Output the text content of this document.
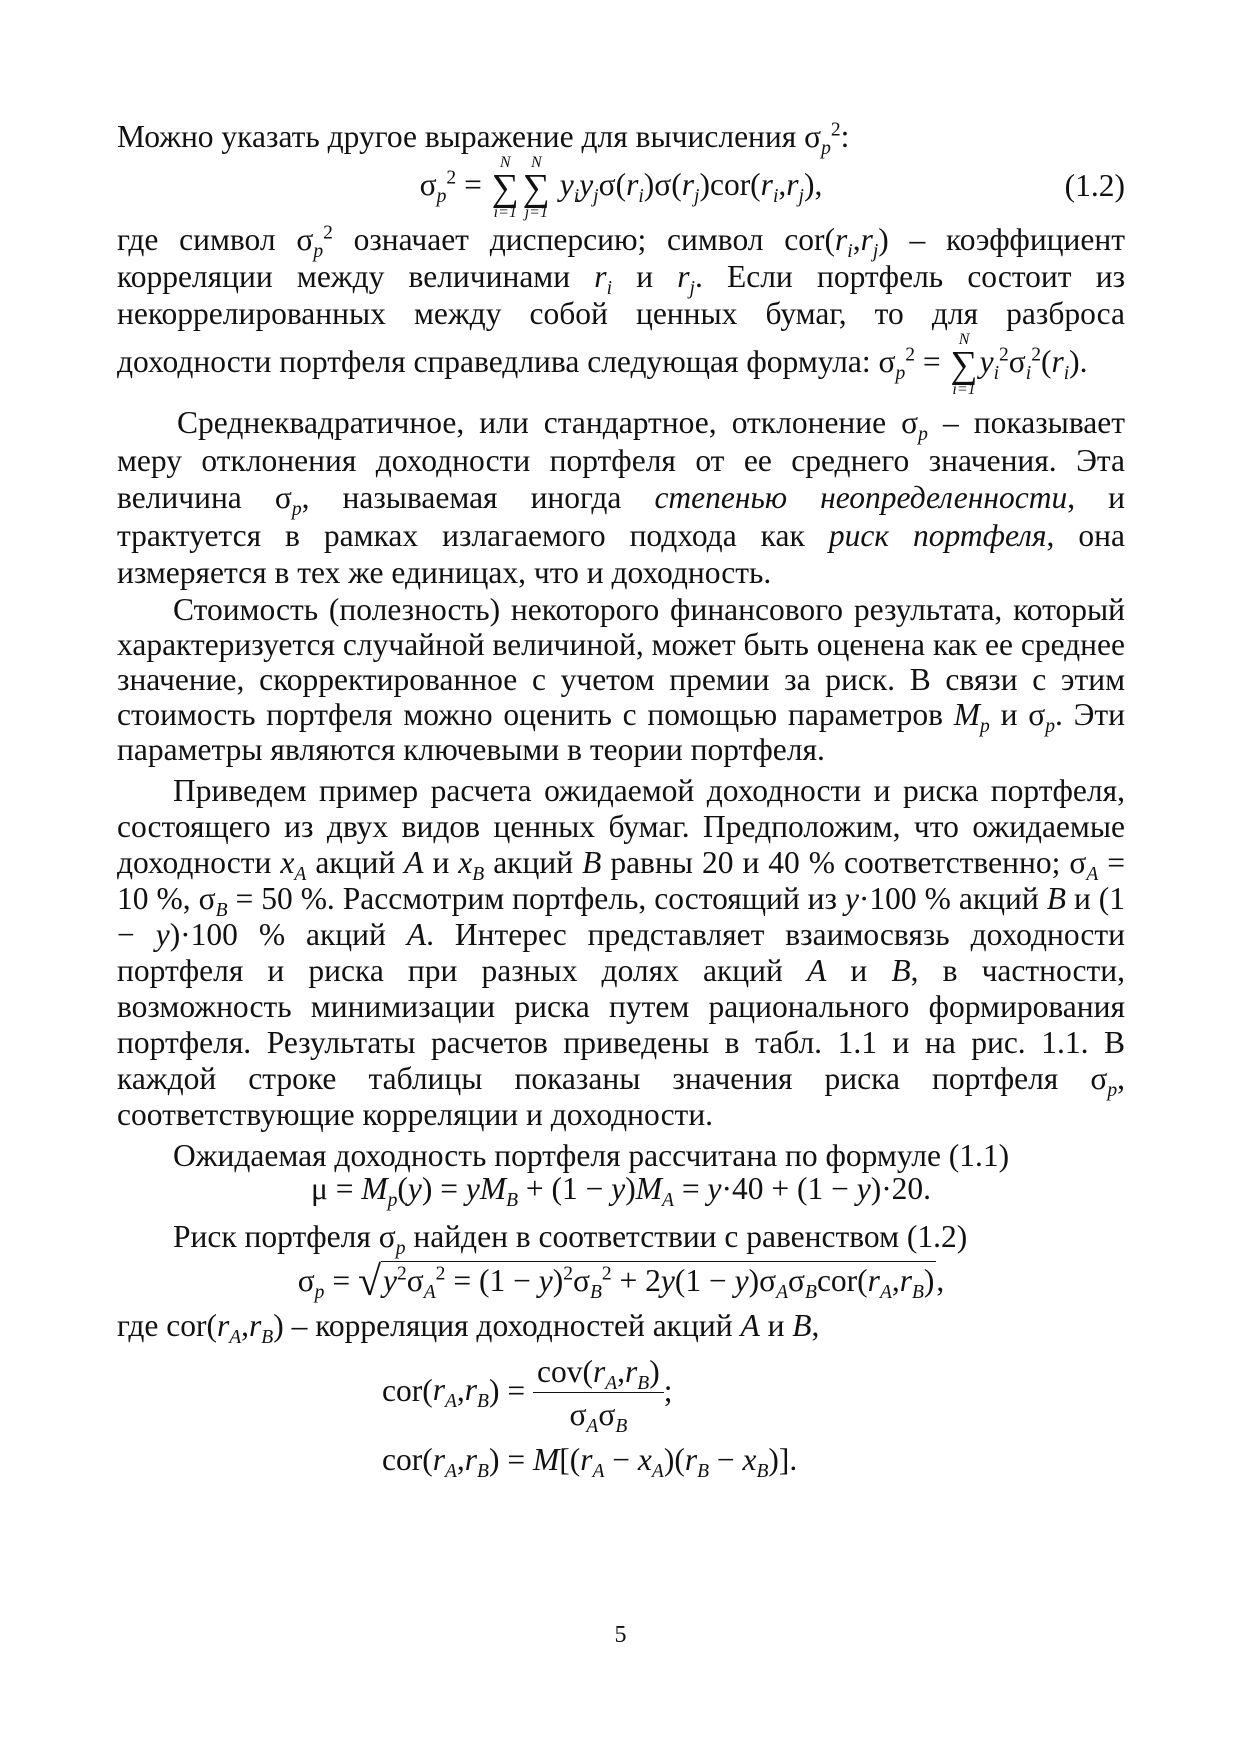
Можно указать другое выражение для вычисления $\sigma_p^2$:

$\sigma_p^2$ =
N
∑
i=1
N
∑
j=1
$y_iy_j\sigma(r_i)\sigma(r_j)cor(r_i,r_j)$,	(1.2)

где символ $\sigma_p^2$ означает дисперсию; символ $cor(r_i,r_j)$ – коэффициент корреляции между величинами $r_i$ и $r_j$. Если портфель состоит из некоррелированных между собой ценных бумаг, то для разброса

доходности портфеля справедлива следующая формула: $\sigma_p^2$ =
N
∑
i=1
$y_i^2\sigma_i^2(r_i)$.

Среднеквадратичное, или стандартное, отклонение $\sigma_p$ – показывает меру отклонения доходности портфеля от ее среднего значения. Эта величина $\sigma_p$, называемая иногда степенью неопределенности, и трактуется в рамках излагаемого подхода как риск портфеля, она измеряется в тех же единицах, что и доходность.

Стоимость (полезность) некоторого финансового результата, который характеризуется случайной величиной, может быть оценена как ее среднее значение, скорректированное с учетом премии за риск. В связи с этим стоимость портфеля можно оценить с помощью параметров $M_p$ и $\sigma_p$. Эти параметры являются ключевыми в теории портфеля.

Приведем пример расчета ожидаемой доходности и риска портфеля, состоящего из двух видов ценных бумаг. Предположим, что ожидаемые доходности $x_A$ акций A и $x_B$ акций B равны 20 и 40 % соответственно; $\sigma_A = 10$ %, $\sigma_B = 50$ %. Рассмотрим портфель, состоящий из y·100 % акций B и (1 − y)·100 % акций A. Интерес представляет взаимосвязь доходности портфеля и риска при разных долях акций A и B, в частности, возможность минимизации риска путем рационального формирования портфеля. Результаты расчетов приведены в табл. 1.1 и на рис. 1.1. В каждой строке таблицы показаны значения риска портфеля $\sigma_p$, соответствующие корреляции и доходности.

Ожидаемая доходность портфеля рассчитана по формуле (1.1)

$\mu = M_p(y) = yM_B + (1 - y)M_A = y\cdot 40 + (1 - y)\cdot 20$.

Риск портфеля $\sigma_p$ найден в соответствии с равенством (1.2)

$\sigma_p = √y^2\sigma_A^2 = (1 - y)^2\sigma_B^2 + 2y(1 - y)\sigma_A\sigma_Bcor(r_A,r_B)$,

где $cor(r_A,r_B)$ – корреляция доходностей акций A и B,

$cor(r_A,r_B) = \frac{cov(r_A,r_B)}{\sigma_A\sigma_B}$ ;
$cor(r_A,r_B) = M[(r_A - x_A)(r_B - x_B)]$.
5
